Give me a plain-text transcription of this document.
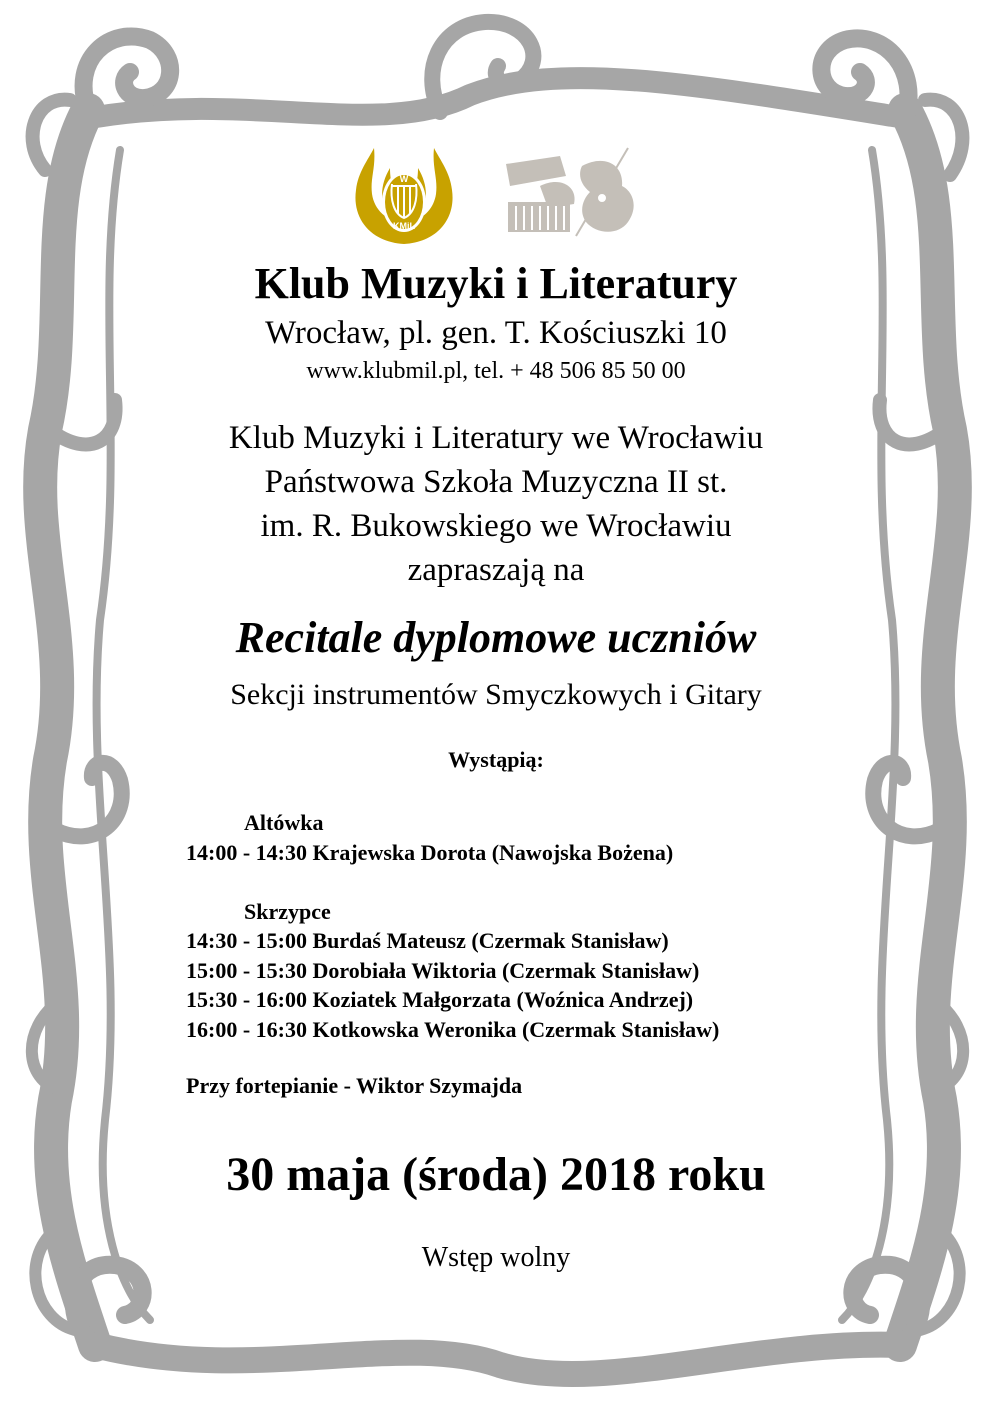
W
KMiL
Klub Muzyki i Literatury
Wrocław, pl. gen. T. Kościuszki 10
www.klubmil.pl, tel. + 48 506 85 50 00
Klub Muzyki i Literatury we Wrocławiu
Państwowa Szkoła Muzyczna II st.
im. R. Bukowskiego we Wrocławiu
zapraszają na
Recitale dyplomowe uczniów
Sekcji instrumentów Smyczkowych i Gitary
Wystąpią:
Altówka
14:00 - 14:30 Krajewska Dorota (Nawojska Bożena)
Skrzypce
14:30 - 15:00 Burdaś Mateusz (Czermak Stanisław)
15:00 - 15:30 Dorobiała Wiktoria (Czermak Stanisław)
15:30 - 16:00 Koziatek Małgorzata (Woźnica Andrzej)
16:00 - 16:30 Kotkowska Weronika (Czermak Stanisław)
Przy fortepianie - Wiktor Szymajda
30 maja (środa) 2018 roku
Wstęp wolny
